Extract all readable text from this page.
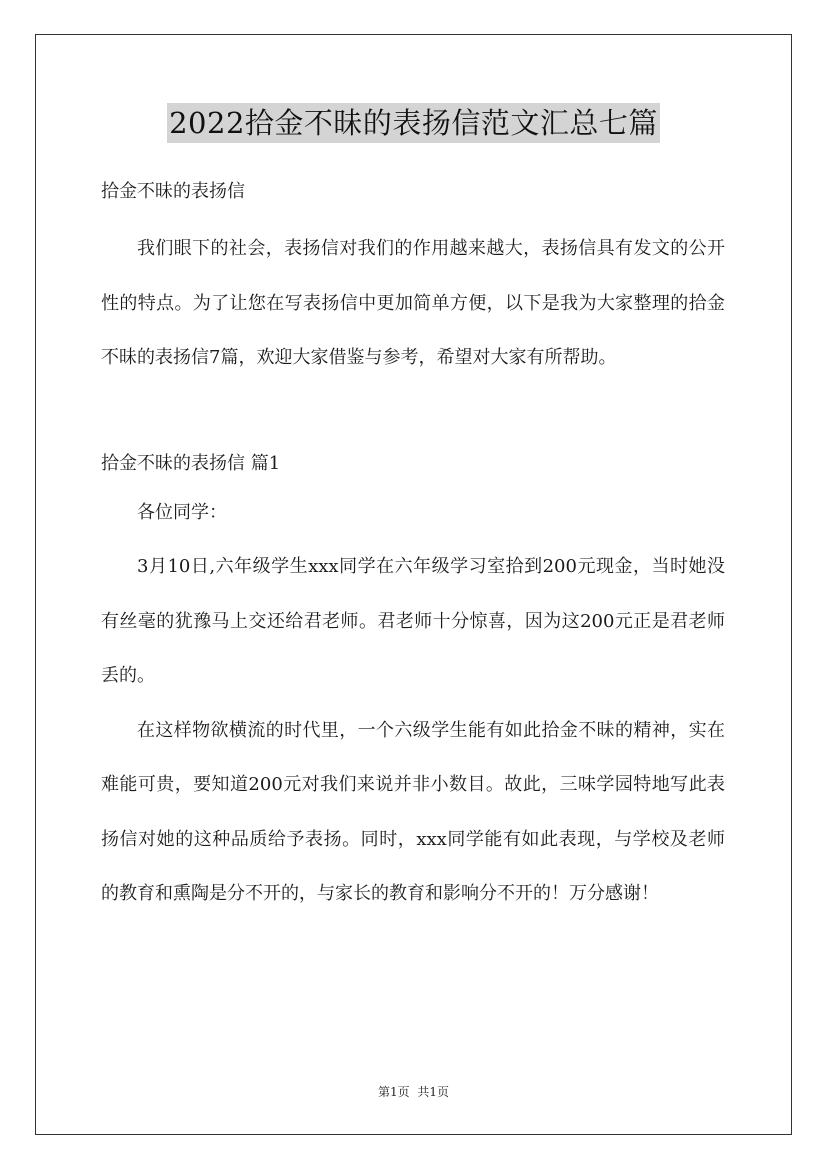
2022拾金不昧的表扬信范文汇总七篇

拾金不昧的表扬信

我们眼下的社会，表扬信对我们的作用越来越大，表扬信具有发文的公开性的特点。为了让您在写表扬信中更加简单方便，以下是我为大家整理的拾金不昧的表扬信7篇，欢迎大家借鉴与参考，希望对大家有所帮助。

拾金不昧的表扬信 篇1

各位同学：

3月10日,六年级学生xxx同学在六年级学习室拾到200元现金，当时她没有丝毫的犹豫马上交还给君老师。君老师十分惊喜，因为这200元正是君老师丢的。

在这样物欲横流的时代里，一个六级学生能有如此拾金不昧的精神，实在难能可贵，要知道200元对我们来说并非小数目。故此，三味学园特地写此表扬信对她的这种品质给予表扬。同时，xxx同学能有如此表现，与学校及老师的教育和熏陶是分不开的，与家长的教育和影响分不开的！万分感谢！

第1页 共1页
